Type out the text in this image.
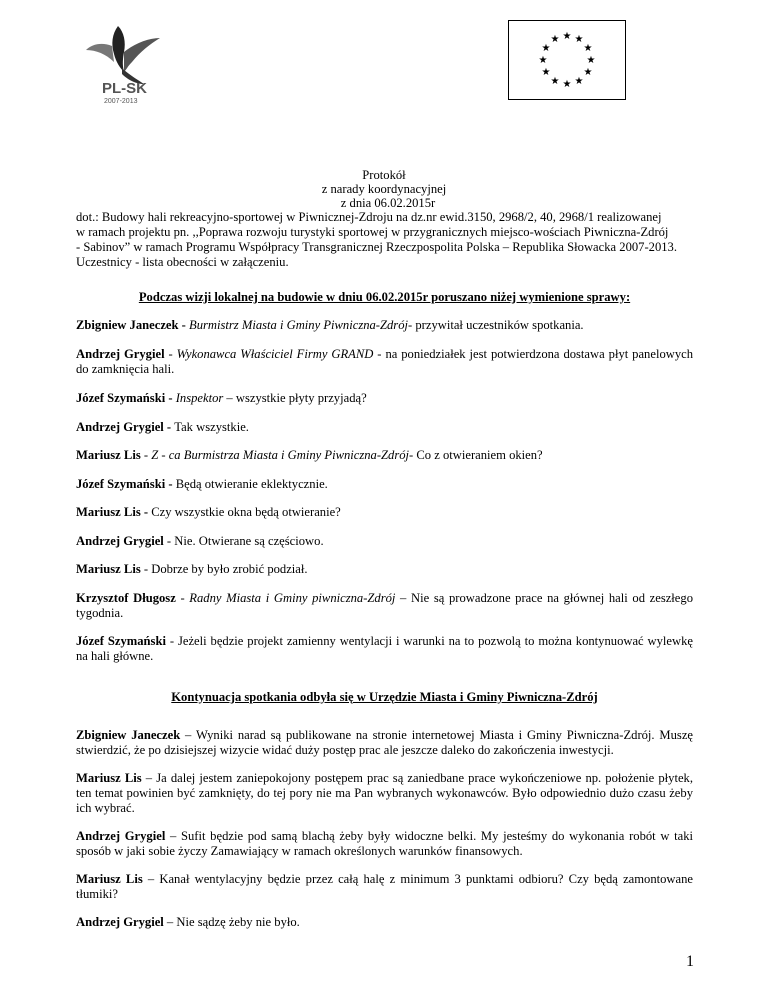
PL-SK
2007-2013
★ ★
★
★
★
★
★
★
★
★
★
★
Protokół
z narady koordynacyjnej
z dnia 06.02.2015r
dot.: Budowy hali rekreacyjno-sportowej w Piwnicznej-Zdroju na dz.nr ewid.3150, 2968/2, 40, 2968/1 realizowanej
w ramach projektu pn. ,,Poprawa rozwoju turystyki sportowej w przygranicznych miejsco-wościach Piwniczna-Zdrój
- Sabinov” w ramach Programu Współpracy Transgranicznej Rzeczpospolita Polska – Republika Słowacka 2007-2013.
Uczestnicy - lista obecności w załączeniu.
Podczas wizji lokalnej na budowie w dniu 06.02.2015r poruszano niżej wymienione sprawy:
Zbigniew Janeczek - Burmistrz Miasta i Gminy Piwniczna-Zdrój- przywitał uczestników spotkania.
Andrzej Grygiel - Wykonawca Właściciel Firmy GRAND - na poniedziałek jest potwierdzona dostawa płyt panelowych do zamknięcia hali.
Józef Szymański - Inspektor – wszystkie płyty przyjadą?
Andrzej Grygiel - Tak wszystkie.
Mariusz Lis - Z - ca Burmistrza Miasta i Gminy Piwniczna-Zdrój- Co z otwieraniem okien?
Józef Szymański - Będą otwieranie eklektycznie.
Mariusz Lis - Czy wszystkie okna będą otwieranie?
Andrzej Grygiel - Nie. Otwierane są częściowo.
Mariusz Lis - Dobrze by było zrobić podział.
Krzysztof Długosz - Radny Miasta i Gminy piwniczna-Zdrój – Nie są prowadzone prace na głównej hali od zeszłego tygodnia.
Józef Szymański - Jeżeli będzie projekt zamienny wentylacji i warunki na to pozwolą to można kontynuować wylewkę na hali główne.
Kontynuacja spotkania odbyła się w Urzędzie Miasta i Gminy Piwniczna-Zdrój
Zbigniew Janeczek – Wyniki narad są publikowane na stronie internetowej Miasta i Gminy Piwniczna-Zdrój. Muszę stwierdzić, że po dzisiejszej wizycie widać duży postęp prac ale jeszcze daleko do zakończenia inwestycji.
Mariusz Lis – Ja dalej jestem zaniepokojony postępem prac są zaniedbane prace wykończeniowe np. położenie płytek, ten temat powinien być zamknięty, do tej pory nie ma Pan wybranych wykonawców. Było odpowiednio dużo czasu żeby ich wybrać.
Andrzej Grygiel – Sufit będzie pod samą blachą żeby były widoczne belki. My jesteśmy do wykonania robót w taki sposób w jaki sobie życzy Zamawiający w ramach określonych warunków finansowych.
Mariusz Lis – Kanał wentylacyjny będzie przez całą halę z minimum 3 punktami odbioru? Czy będą zamontowane tłumiki?
Andrzej Grygiel – Nie sądzę żeby nie było.
1
